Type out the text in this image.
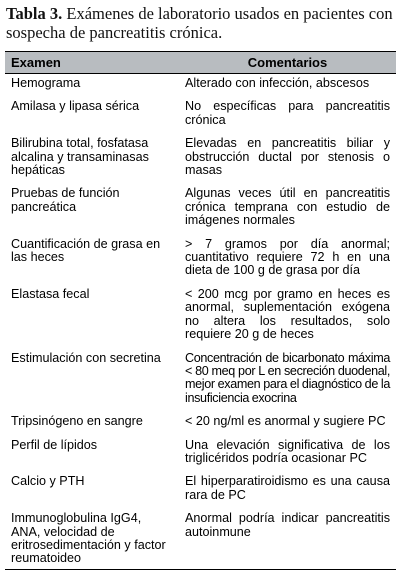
Tabla 3. Exámenes de laboratorio usados en pacientes con sospecha de pancreatitis crónica.
Examen	Comentarios
Hemograma	Alterado con infección, abscesos
Amilasa y lipasa sérica	No específicas para pancreatitis crónica
Bilirubina total, fosfatasa alcalina y transaminasas hepáticas	Elevadas en pancreatitis biliar y obstrucción ductal por stenosis o masas
Pruebas de función pancreática	Algunas veces útil en pancreatitis crónica temprana con estudio de imágenes normales
Cuantificación de grasa en las heces	> 7 gramos por día anormal; cuantitativo requiere 72 h en una dieta de 100 g de grasa por día
Elastasa fecal	< 200 mcg por gramo en heces es anormal, suplementación exógena no altera los resultados, solo requiere 20 g de heces
Estimulación con secretina	Concentración de bicarbonato máxima < 80 meq por L en secreción duodenal, mejor examen para el diagnóstico de la insuficiencia exocrina
Tripsinógeno en sangre	< 20 ng/ml es anormal y sugiere PC
Perfil de lípidos	Una elevación significativa de los triglicéridos podría ocasionar PC
Calcio y PTH	El hiperparatiroidismo es una causa rara de PC
Immunoglobulina IgG4, ANA, velocidad de eritrosedimentación y factor reumatoideo	Anormal podría indicar pancreatitis autoinmune
